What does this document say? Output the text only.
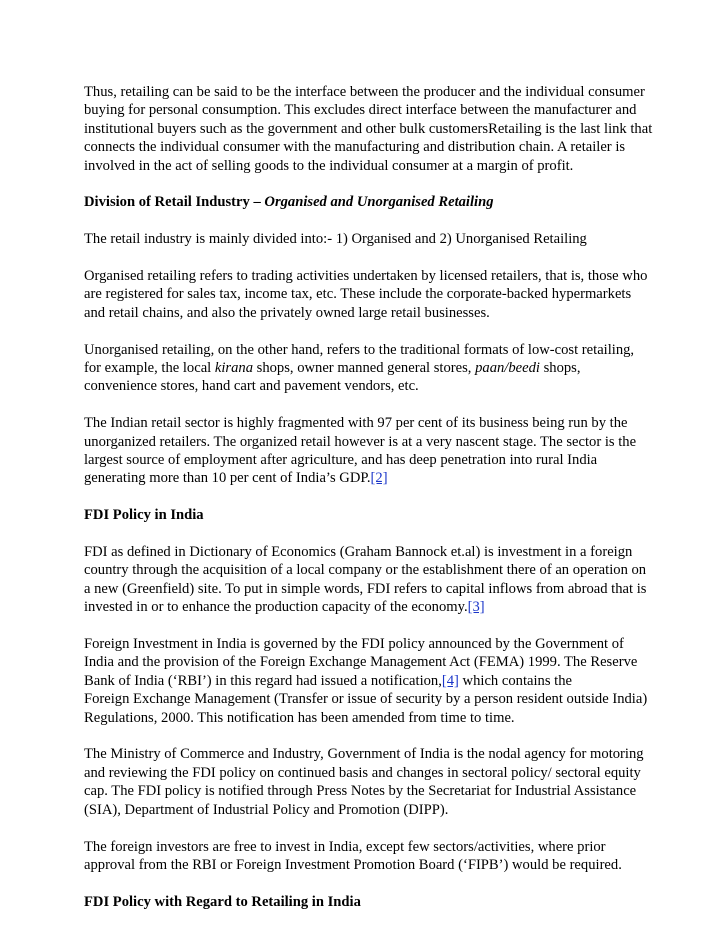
Thus, retailing can be said to be the interface between the producer and the individual consumer

buying for personal consumption. This excludes direct interface between the manufacturer and

institutional buyers such as the government and other bulk customersRetailing is the last link that

connects the individual consumer with the manufacturing and distribution chain. A retailer is

involved in the act of selling goods to the individual consumer at a margin of profit.

Division of Retail Industry – Organised and Unorganised Retailing

The retail industry is mainly divided into:- 1) Organised and 2) Unorganised Retailing

Organised retailing refers to trading activities undertaken by licensed retailers, that is, those who

are registered for sales tax, income tax, etc. These include the corporate-backed hypermarkets

and retail chains, and also the privately owned large retail businesses.

Unorganised retailing, on the other hand, refers to the traditional formats of low-cost retailing,

for example, the local kirana shops, owner manned general stores, paan/beedi shops,

convenience stores, hand cart and pavement vendors, etc.

The Indian retail sector is highly fragmented with 97 per cent of its business being run by the

unorganized retailers. The organized retail however is at a very nascent stage. The sector is the

largest source of employment after agriculture, and has deep penetration into rural India

generating more than 10 per cent of India’s GDP.[2]

FDI Policy in India

FDI as defined in Dictionary of Economics (Graham Bannock et.al) is investment in a foreign

country through the acquisition of a local company or the establishment there of an operation on

a new (Greenfield) site. To put in simple words, FDI refers to capital inflows from abroad that is

invested in or to enhance the production capacity of the economy.[3]

Foreign Investment in India is governed by the FDI policy announced by the Government of

India and the provision of the Foreign Exchange Management Act (FEMA) 1999. The Reserve

Bank of India (‘RBI’) in this regard had issued a notification,[4] which contains the

Foreign Exchange Management (Transfer or issue of security by a person resident outside India)

Regulations, 2000. This notification has been amended from time to time.

The Ministry of Commerce and Industry, Government of India is the nodal agency for motoring

and reviewing the FDI policy on continued basis and changes in sectoral policy/ sectoral equity

cap. The FDI policy is notified through Press Notes by the Secretariat for Industrial Assistance

(SIA), Department of Industrial Policy and Promotion (DIPP).

The foreign investors are free to invest in India, except few sectors/activities, where prior

approval from the RBI or Foreign Investment Promotion Board (‘FIPB’) would be required.

FDI Policy with Regard to Retailing in India
